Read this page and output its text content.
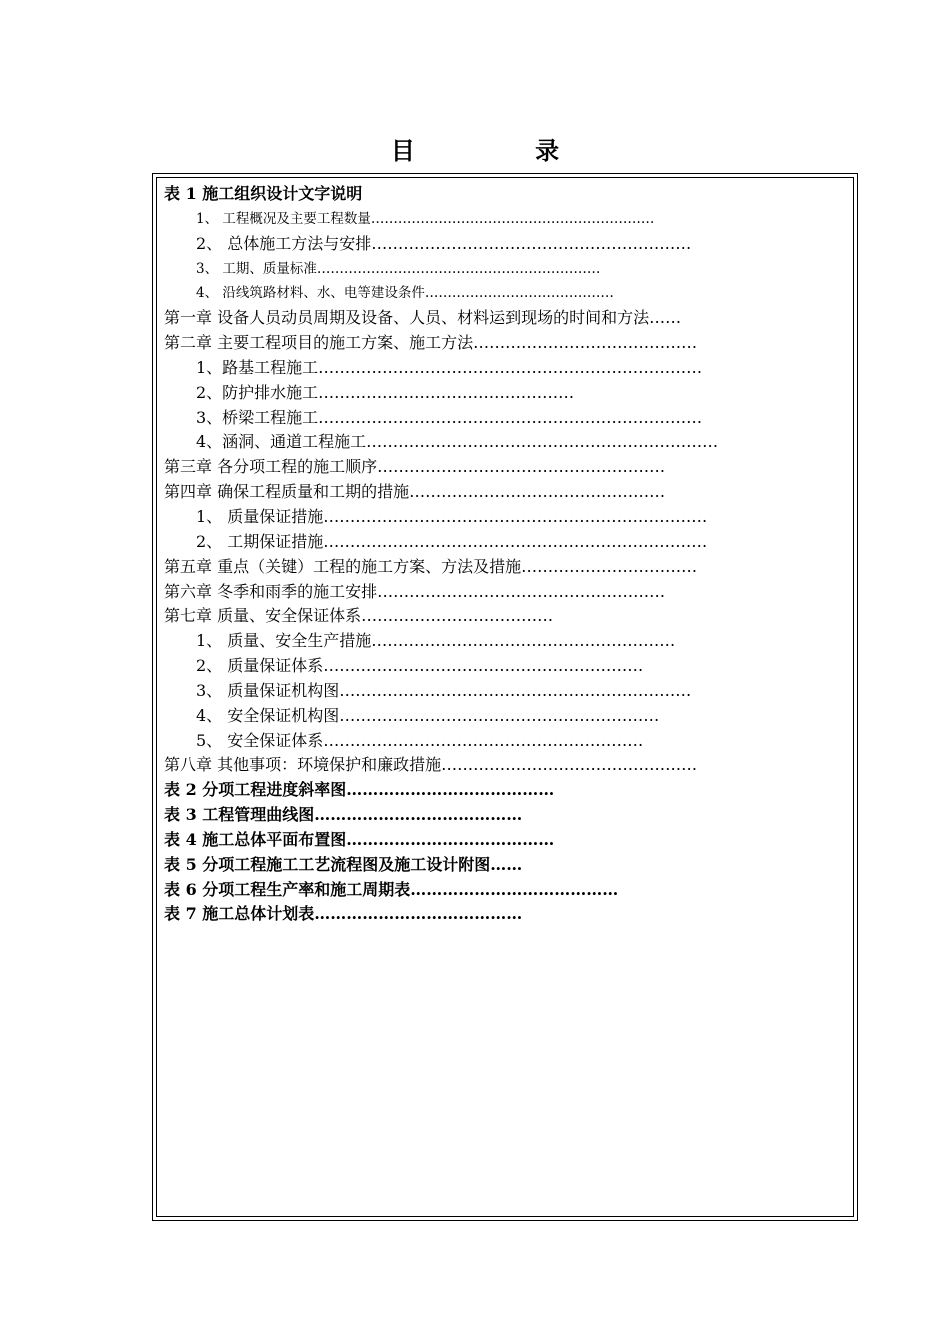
目 录
表 1 施工组织设计文字说明
1、 工程概况及主要工程数量………………………………………………………
2、 总体施工方法与安排……………………………………………………
3、 工期、质量标准………………………………………………………
4、 沿线筑路材料、水、电等建设条件……………………………………
第一章 设备人员动员周期及设备、人员、材料运到现场的时间和方法……
第二章 主要工程项目的施工方案、施工方法……………………………………
1、路基工程施工………………………………………………………………
2、防护排水施工…………………………………………
3、桥梁工程施工………………………………………………………………
4、涵洞、通道工程施工…………………………………………………………
第三章 各分项工程的施工顺序………………………………………………
第四章 确保工程质量和工期的措施…………………………………………
1、 质量保证措施………………………………………………………………
2、 工期保证措施………………………………………………………………
第五章 重点（关键）工程的施工方案、方法及措施……………………………
第六章 冬季和雨季的施工安排………………………………………………
第七章 质量、安全保证体系………………………………
1、 质量、安全生产措施…………………………………………………
2、 质量保证体系……………………………………………………
3、 质量保证机构图…………………………………………………………
4、 安全保证机构图……………………………………………………
5、 安全保证体系……………………………………………………
第八章 其他事项：环境保护和廉政措施…………………………………………
表 2 分项工程进度斜率图…………………………………
表 3 工程管理曲线图…………………………………
表 4 施工总体平面布置图…………………………………
表 5 分项工程施工工艺流程图及施工设计附图……
表 6 分项工程生产率和施工周期表…………………………………
表 7 施工总体计划表…………………………………
